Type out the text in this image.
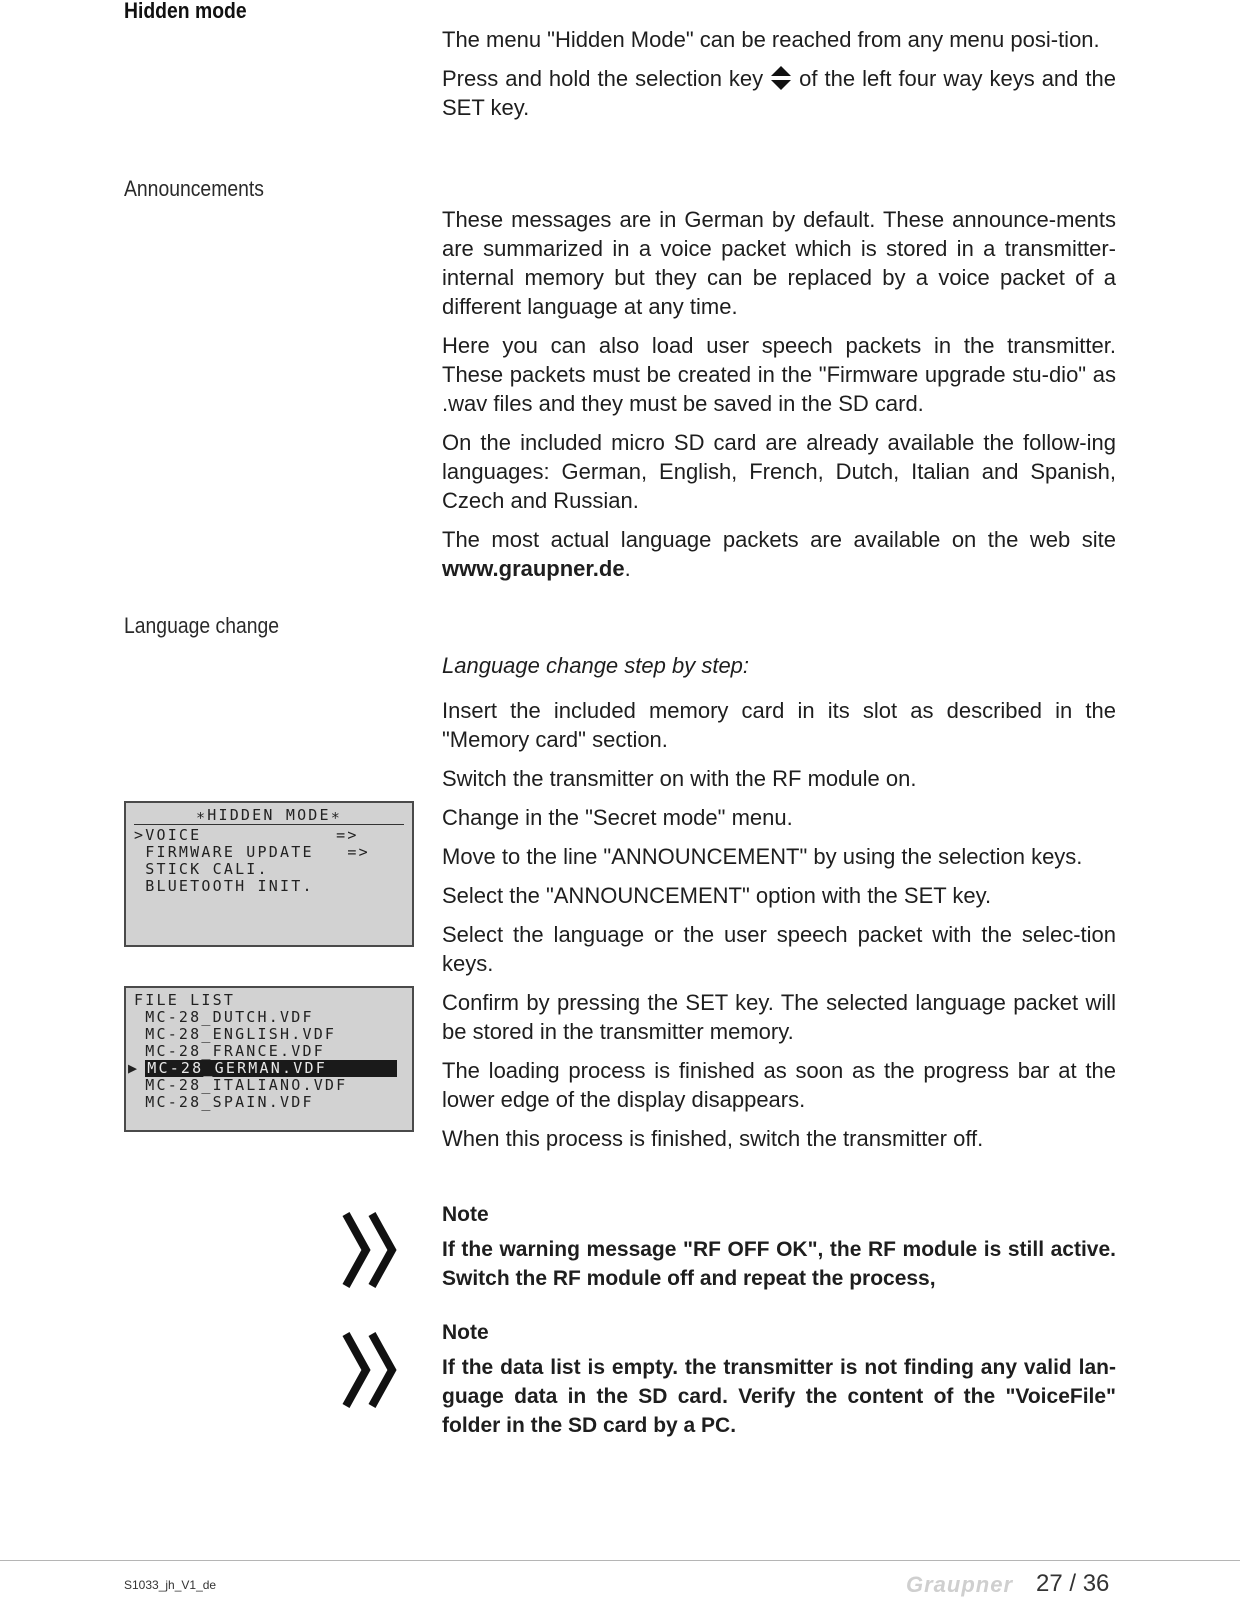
Hidden mode

The menu "Hidden Mode" can be reached from any menu posi-tion.

Press and hold the selection key of the left four way keys and the SET key.

Announcements

These messages are in German by default. These announce-ments are summarized in a voice packet which is stored in a transmitter-internal memory but they can be replaced by a voice packet of a different language at any time.

Here you can also load user speech packets in the transmitter. These packets must be created in the "Firmware upgrade stu-dio" as .wav files and they must be saved in the SD card.

On the included micro SD card are already available the follow-ing languages: German, English, French, Dutch, Italian and Spanish, Czech and Russian.

The most actual language packets are available on the web site www.graupner.de.

Language change

Language change step by step:

Insert the included memory card in its slot as described in the "Memory card" section.

Switch the transmitter on with the RF module on.

Change in the "Secret mode" menu.

Move to the line "ANNOUNCEMENT" by using the selection keys.

Select the "ANNOUNCEMENT" option with the SET key.

Select the language or the user speech packet with the selec-tion keys.

Confirm by pressing the SET key. The selected language packet will be stored in the transmitter memory.

The loading process is finished as soon as the progress bar at the lower edge of the display disappears.

When this process is finished, switch the transmitter off.

∗HIDDEN MODE∗
>VOICE            =>
FIRMWARE UPDATE   =>
STICK CALI.
BLUETOOTH INIT.
FILE LIST
MC-28_DUTCH.VDF
MC-28_ENGLISH.VDF
MC-28_FRANCE.VDF
▶ MC-28_GERMAN.VDF
MC-28_ITALIANO.VDF
MC-28_SPAIN.VDF

Note

If the warning message "RF OFF OK", the RF module is still active. Switch the RF module off and repeat the process,

Note

If the data list is empty. the transmitter is not finding any valid lan-guage data in the SD card. Verify the content of the "VoiceFile" folder in the SD card by a PC.

S1033_jh_V1_de	Graupner 27 / 36
